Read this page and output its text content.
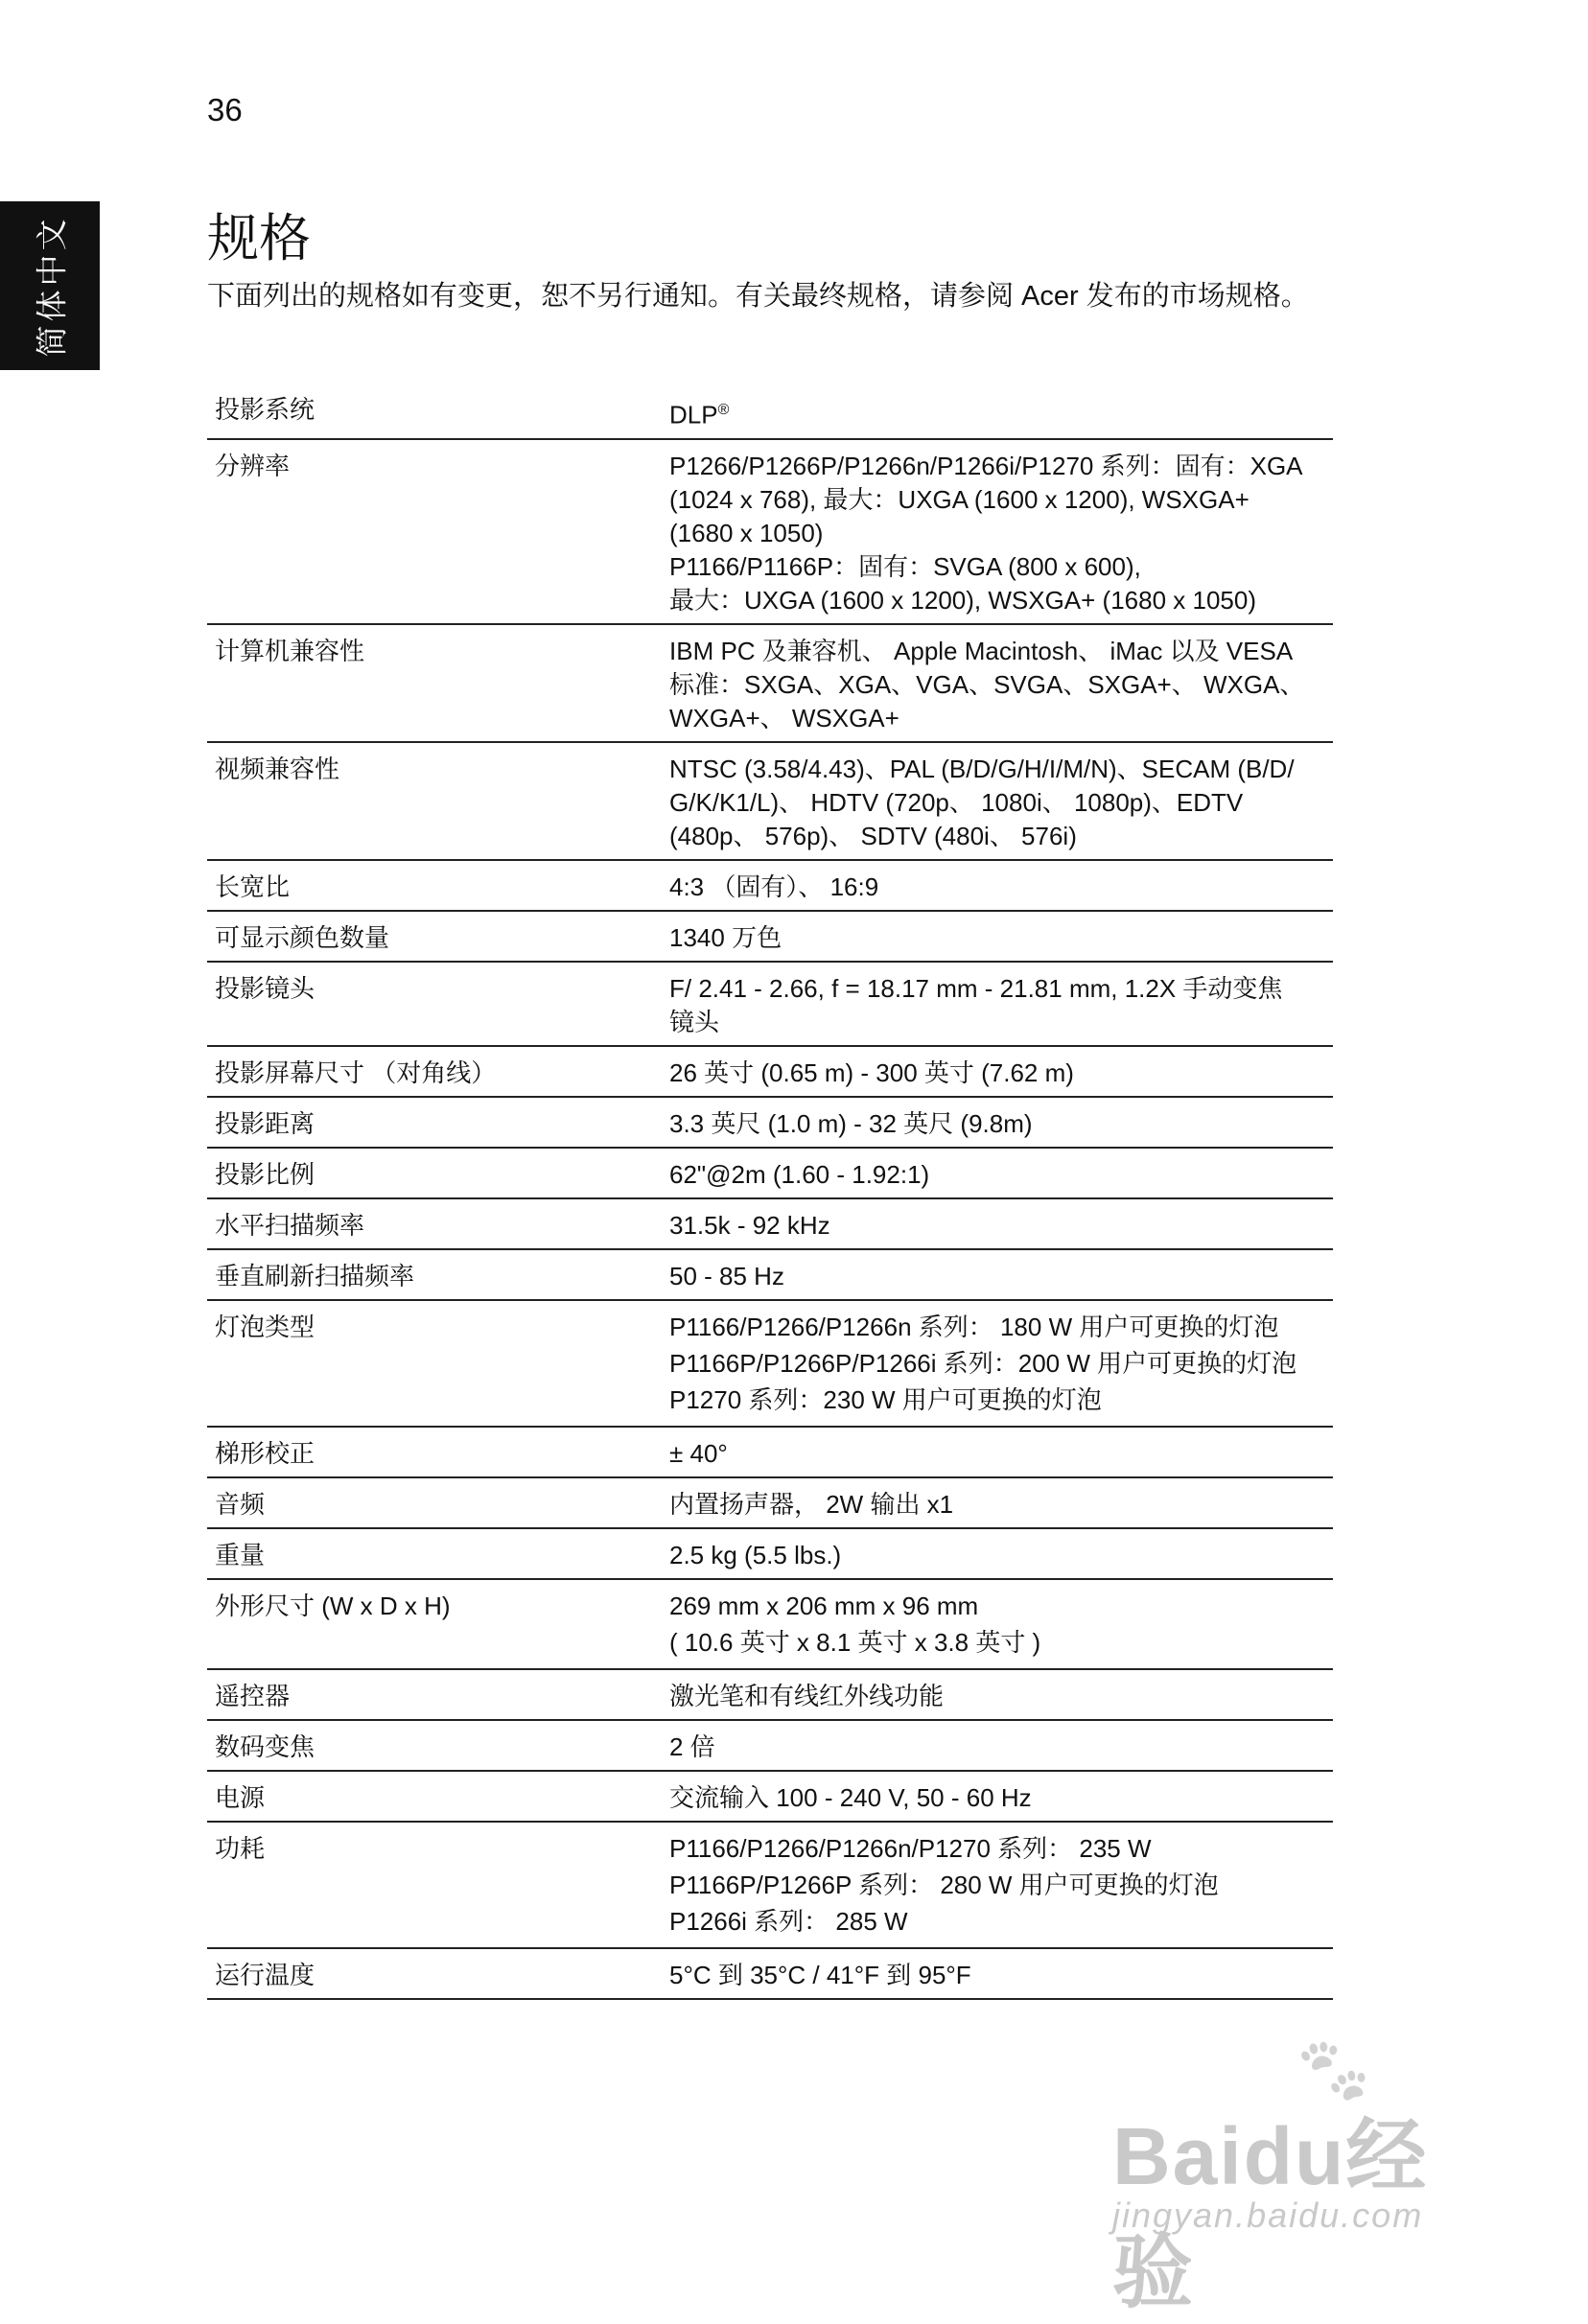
36
简体中文	规格

下面列出的规格如有变更，恕不另行通知。有关最终规格，请参阅 Acer 发布的市场规格。

投影系统	DLP®
分辨率	P1266/P1266P/P1266n/P1266i/P1270 系列：固有：XGA
(1024 x 768), 最大：UXGA (1600 x 1200), WSXGA+
(1680 x 1050)
P1166/P1166P：固有：SVGA (800 x 600),
最大：UXGA (1600 x 1200), WSXGA+ (1680 x 1050)

计算机兼容性	IBM PC 及兼容机、 Apple Macintosh、 iMac 以及 VESA
标准：SXGA、XGA、VGA、SVGA、SXGA+、 WXGA、
WXGA+、 WSXGA+

视频兼容性	NTSC (3.58/4.43)、PAL (B/D/G/H/I/M/N)、SECAM (B/D/
G/K/K1/L)、 HDTV (720p、 1080i、 1080p)、EDTV
(480p、 576p)、 SDTV (480i、 576i)

长宽比	4:3 （固有）、 16:9

可显示颜色数量	1340 万色

投影镜头	F/ 2.41 - 2.66, f = 18.17 mm - 21.81 mm, 1.2X 手动变焦
镜头

投影屏幕尺寸 （对角线）	26 英寸 (0.65 m) - 300 英寸 (7.62 m)

投影距离	3.3 英尺 (1.0 m) - 32 英尺 (9.8m)

投影比例	62"@2m (1.60 - 1.92:1)

水平扫描频率	31.5k - 92 kHz

垂直刷新扫描频率	50 - 85 Hz

灯泡类型	P1166/P1266/P1266n 系列： 180 W 用户可更换的灯泡
P1166P/P1266P/P1266i 系列：200 W 用户可更换的灯泡
P1270 系列：230 W 用户可更换的灯泡

梯形校正	± 40°

音频	内置扬声器， 2W 输出 x1

重量	2.5 kg (5.5 lbs.)

外形尺寸 (W x D x H)	269 mm x 206 mm x 96 mm
( 10.6 英寸 x 8.1 英寸 x 3.8 英寸 )

遥控器	激光笔和有线红外线功能

数码变焦	2 倍

电源	交流输入 100 - 240 V, 50 - 60 Hz

功耗	P1166/P1266/P1266n/P1270 系列： 235 W
P1166P/P1266P 系列： 280 W 用户可更换的灯泡
P1266i 系列： 285 W

运行温度	5°C 到 35°C / 41°F 到 95°F
🐾︎
Baidu经验
jingyan.baidu.com
